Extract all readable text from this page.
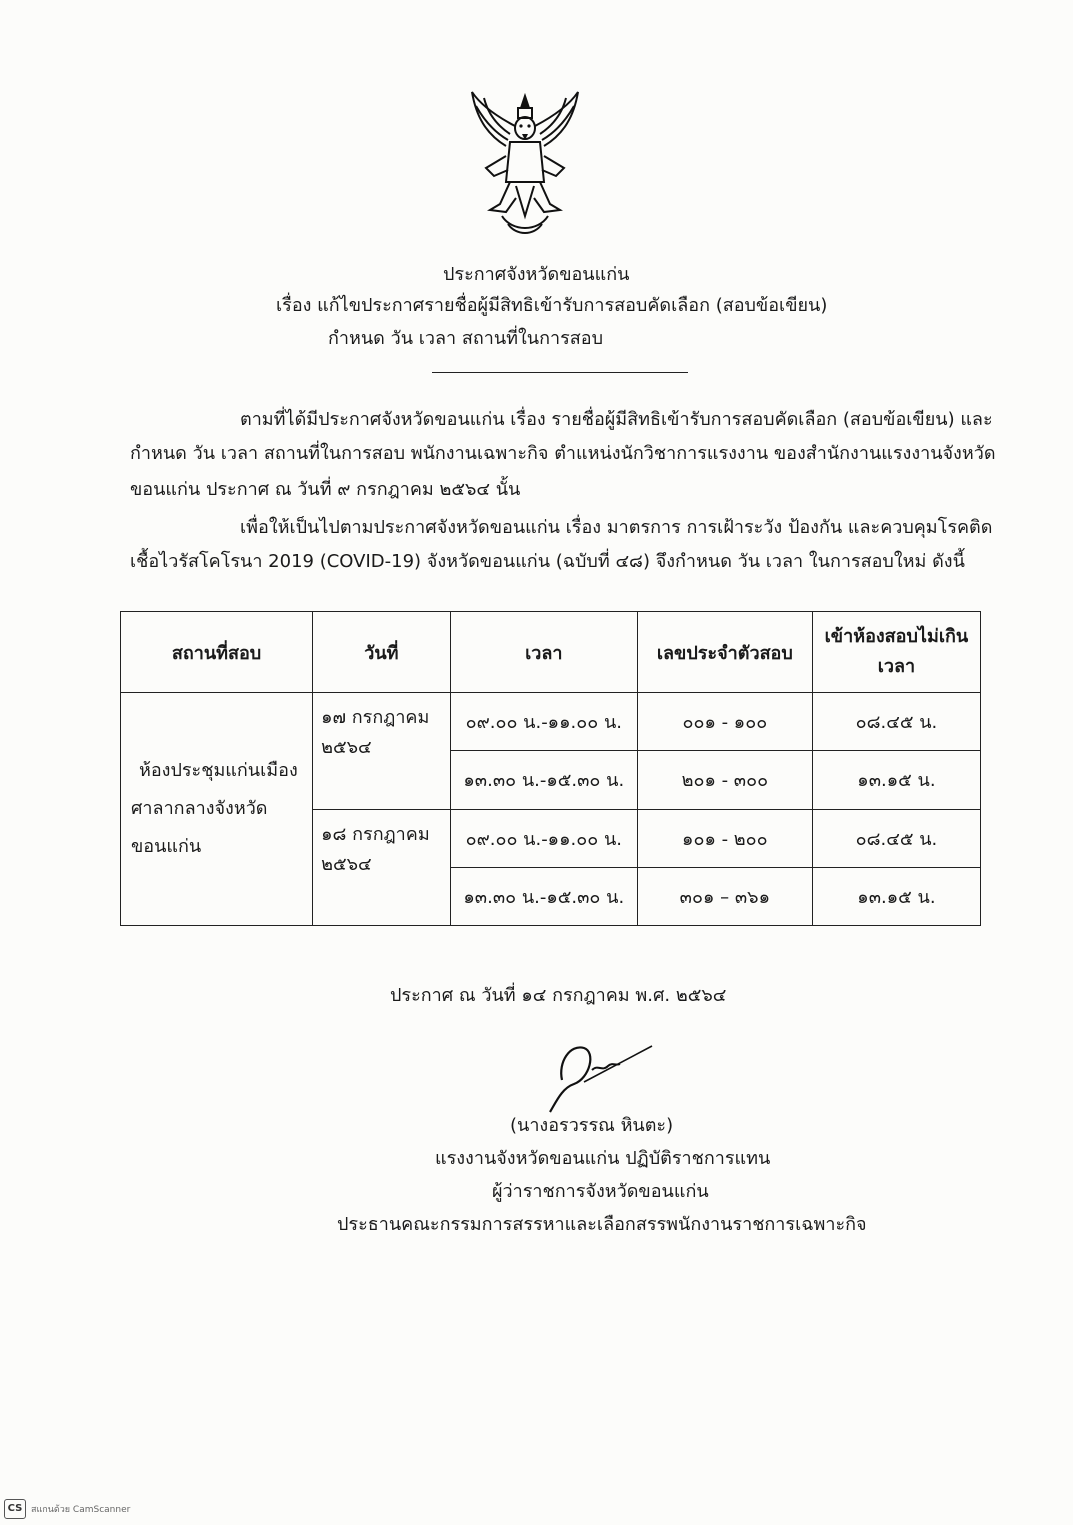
ประกาศจังหวัดขอนแก่น
เรื่อง แก้ไขประกาศรายชื่อผู้มีสิทธิเข้ารับการสอบคัดเลือก (สอบข้อเขียน)
กำหนด วัน เวลา สถานที่ในการสอบ
ตามที่ได้มีประกาศจังหวัดขอนแก่น เรื่อง รายชื่อผู้มีสิทธิเข้ารับการสอบคัดเลือก (สอบข้อเขียน) และ
กำหนด วัน เวลา สถานที่ในการสอบ พนักงานเฉพาะกิจ ตำแหน่งนักวิชาการแรงงาน ของสำนักงานแรงงานจังหวัด
ขอนแก่น ประกาศ ณ วันที่ ๙ กรกฎาคม ๒๕๖๔ นั้น
เพื่อให้เป็นไปตามประกาศจังหวัดขอนแก่น เรื่อง มาตรการ การเฝ้าระวัง ป้องกัน และควบคุมโรคติด
เชื้อไวรัสโคโรนา 2019 (COVID-19) จังหวัดขอนแก่น (ฉบับที่ ๔๘) จึงกำหนด วัน เวลา ในการสอบใหม่ ดังนี้
สถานที่สอบ	วันที่	เวลา	เลขประจำตัวสอบ	เข้าห้องสอบไม่เกิน เวลา

ห้องประชุมแก่นเมือง
ศาลากลางจังหวัด
ขอนแก่น	๑๗ กรกฎาคม ๒๕๖๔	๐๙.๐๐ น.-๑๑.๐๐ น.	๐๐๑ - ๑๐๐	๐๘.๔๕ น.
		๑๓.๓๐ น.-๑๕.๓๐ น.	๒๐๑ - ๓๐๐	๑๓.๑๕ น.
	๑๘ กรกฎาคม ๒๕๖๔	๐๙.๐๐ น.-๑๑.๐๐ น.	๑๐๑ - ๒๐๐	๐๘.๔๕ น.
		๑๓.๓๐ น.-๑๕.๓๐ น.	๓๐๑ – ๓๖๑	๑๓.๑๕ น.
ประกาศ ณ วันที่ ๑๔ กรกฎาคม พ.ศ. ๒๕๖๔
(นางอรวรรณ หินตะ)
แรงงานจังหวัดขอนแก่น ปฏิบัติราชการแทน
ผู้ว่าราชการจังหวัดขอนแก่น
ประธานคณะกรรมการสรรหาและเลือกสรรพนักงานราชการเฉพาะกิจ
CS สแกนด้วย CamScanner
